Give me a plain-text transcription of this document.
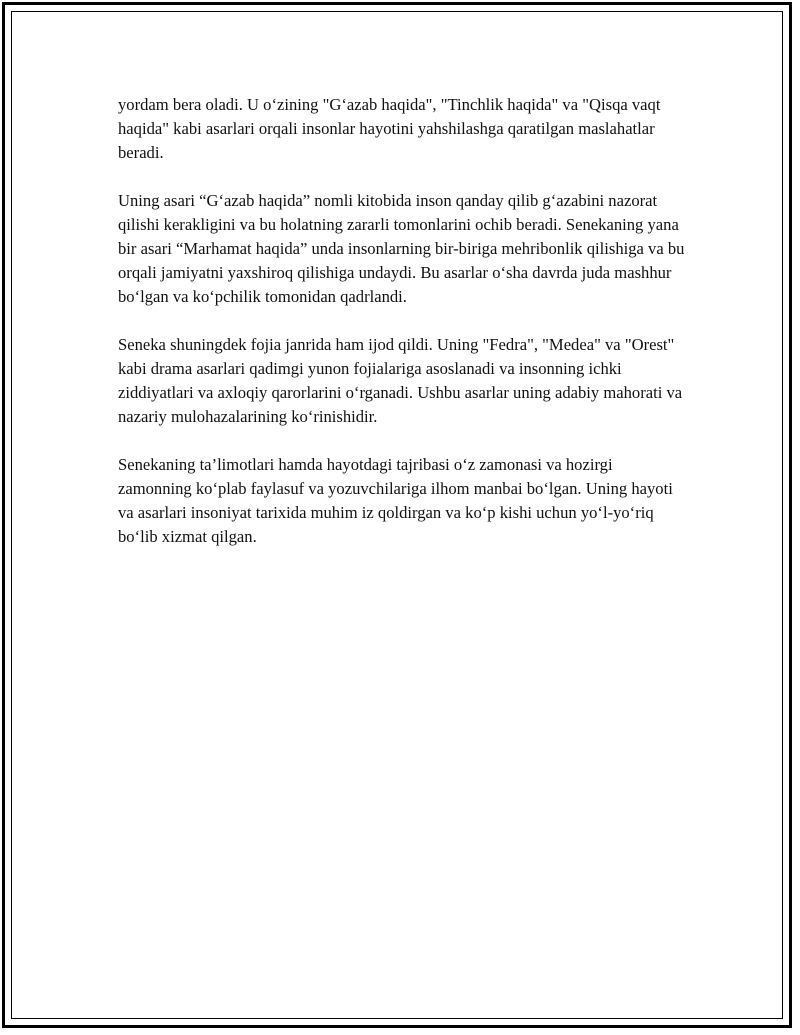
yordam bera oladi. U o‘zining "G‘azab haqida", "Tinchlik haqida" va "Qisqa vaqt haqida" kabi asarlari orqali insonlar hayotini yahshilashga qaratilgan maslahatlar beradi.

Uning asari “G‘azab haqida” nomli kitobida inson qanday qilib g‘azabini nazorat qilishi kerakligini va bu holatning zararli tomonlarini ochib beradi. Senekaning yana bir asari “Marhamat haqida” unda insonlarning bir-biriga mehribonlik qilishiga va bu orqali jamiyatni yaxshiroq qilishiga undaydi. Bu asarlar o‘sha davrda juda mashhur bo‘lgan va ko‘pchilik tomonidan qadrlandi.

Seneka shuningdek fojia janrida ham ijod qildi. Uning "Fedra", "Medea" va "Orest" kabi drama asarlari qadimgi yunon fojialariga asoslanadi va insonning ichki ziddiyatlari va axloqiy qarorlarini o‘rganadi. Ushbu asarlar uning adabiy mahorati va nazariy mulohazalarining ko‘rinishidir.

Senekaning ta’limotlari hamda hayotdagi tajribasi o‘z zamonasi va hozirgi zamonning ko‘plab faylasuf va yozuvchilariga ilhom manbai bo‘lgan. Uning hayoti va asarlari insoniyat tarixida muhim iz qoldirgan va ko‘p kishi uchun yo‘l-yo‘riq bo‘lib xizmat qilgan.
